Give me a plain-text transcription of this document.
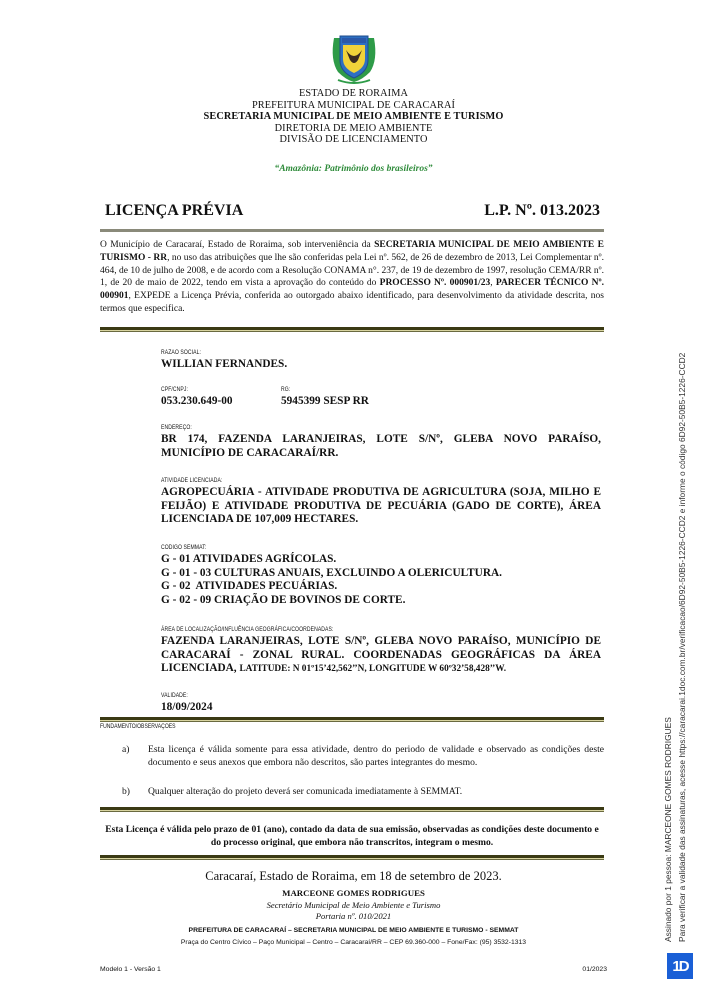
ESTADO DE RORAIMA
PREFEITURA MUNICIPAL DE CARACARAÍ
SECRETARIA MUNICIPAL DE MEIO AMBIENTE E TURISMO
DIRETORIA DE MEIO AMBIENTE
DIVISÃO DE LICENCIAMENTO
“Amazônia: Patrimônio dos brasileiros”
LICENÇA PRÉVIA	L.P. Nº. 013.2023
O Município de Caracaraí, Estado de Roraima, sob interveniência da SECRETARIA MUNICIPAL DE MEIO AMBIENTE E TURISMO - RR, no uso das atribuições que lhe são conferidas pela Lei nº. 562, de 26 de dezembro de 2013, Lei Complementar nº. 464, de 10 de julho de 2008, e de acordo com a Resolução CONAMA n°. 237, de 19 de dezembro de 1997, resolução CEMA/RR nº. 1, de 20 de maio de 2022, tendo em vista a aprovação do conteúdo do PROCESSO Nº. 000901/23, PARECER TÉCNICO Nº. 000901, EXPEDE a Licença Prévia, conferida ao outorgado abaixo identificado, para desenvolvimento da atividade descrita, nos termos que especifica.
RAZÃO SOCIAL:
WILLIAN FERNANDES.
CPF/CNPJ:
053.230.649-00
RG:
5945399 SESP RR
ENDEREÇO:
BR 174, FAZENDA LARANJEIRAS, LOTE S/Nº, GLEBA NOVO PARAÍSO, MUNICÍPIO DE CARACARAÍ/RR.
ATIVIDADE LICENCIADA:
AGROPECUÁRIA - ATIVIDADE PRODUTIVA DE AGRICULTURA (SOJA, MILHO E FEIJÃO) E ATIVIDADE PRODUTIVA DE PECUÁRIA (GADO DE CORTE), ÁREA LICENCIADA DE 107,009 HECTARES.
CÓDIGO SEMMAT:
G - 01 ATIVIDADES AGRÍCOLAS.
G - 01 - 03 CULTURAS ANUAIS, EXCLUINDO A OLERICULTURA.
G - 02  ATIVIDADES PECUÁRIAS.
G - 02 - 09 CRIAÇÃO DE BOVINOS DE CORTE.
ÁREA DE LOCALIZAÇÃO/INFLUÊNCIA GEOGRÁFICA/COORDENADAS:
FAZENDA LARANJEIRAS, LOTE S/Nº, GLEBA NOVO PARAÍSO, MUNICÍPIO DE CARACARAÍ - ZONAL RURAL. COORDENADAS GEOGRÁFICAS DA ÁREA LICENCIADA, LATITUDE: N 01º15’42,562’’N, LONGITUDE W 60º32’58,428’’W.
VALIDADE:
18/09/2024
FUNDAMENTO/OBSERVAÇÕES
a)	Esta licença é válida somente para essa atividade, dentro do periodo de validade e observado as condições deste documento e seus anexos que embora não descritos, são partes integrantes do mesmo.
b)	Qualquer alteração do projeto deverá ser comunicada imediatamente à SEMMAT.
Esta Licença é válida pelo prazo de 01 (ano), contado da data de sua emissão, observadas as condições deste documento e do processo original, que embora não transcritos, integram o mesmo.
Caracaraí, Estado de Roraima, em 18 de setembro de 2023.
MARCEONE GOMES RODRIGUES
Secretário Municipal de Meio Ambiente e Turismo
Portaria nº. 010/2021
PREFEITURA DE CARACARAÍ – SECRETARIA MUNICIPAL DE MEIO AMBIENTE E TURISMO - SEMMAT
Praça do Centro Cívico – Paço Municipal – Centro – Caracaraí/RR – CEP 69.360-000 – Fone/Fax: (95) 3532-1313
Modelo 1 - Versão 1	01/2023
Assinado por 1 pessoa: MARCEONE GOMES RODRIGUES Para verificar a validade das assinaturas, acesse https://caracarai.1doc.com.br/verificacao/6D92-50B5-1226-CCD2 e informe o código 6D92-50B5-1226-CCD2
1D
